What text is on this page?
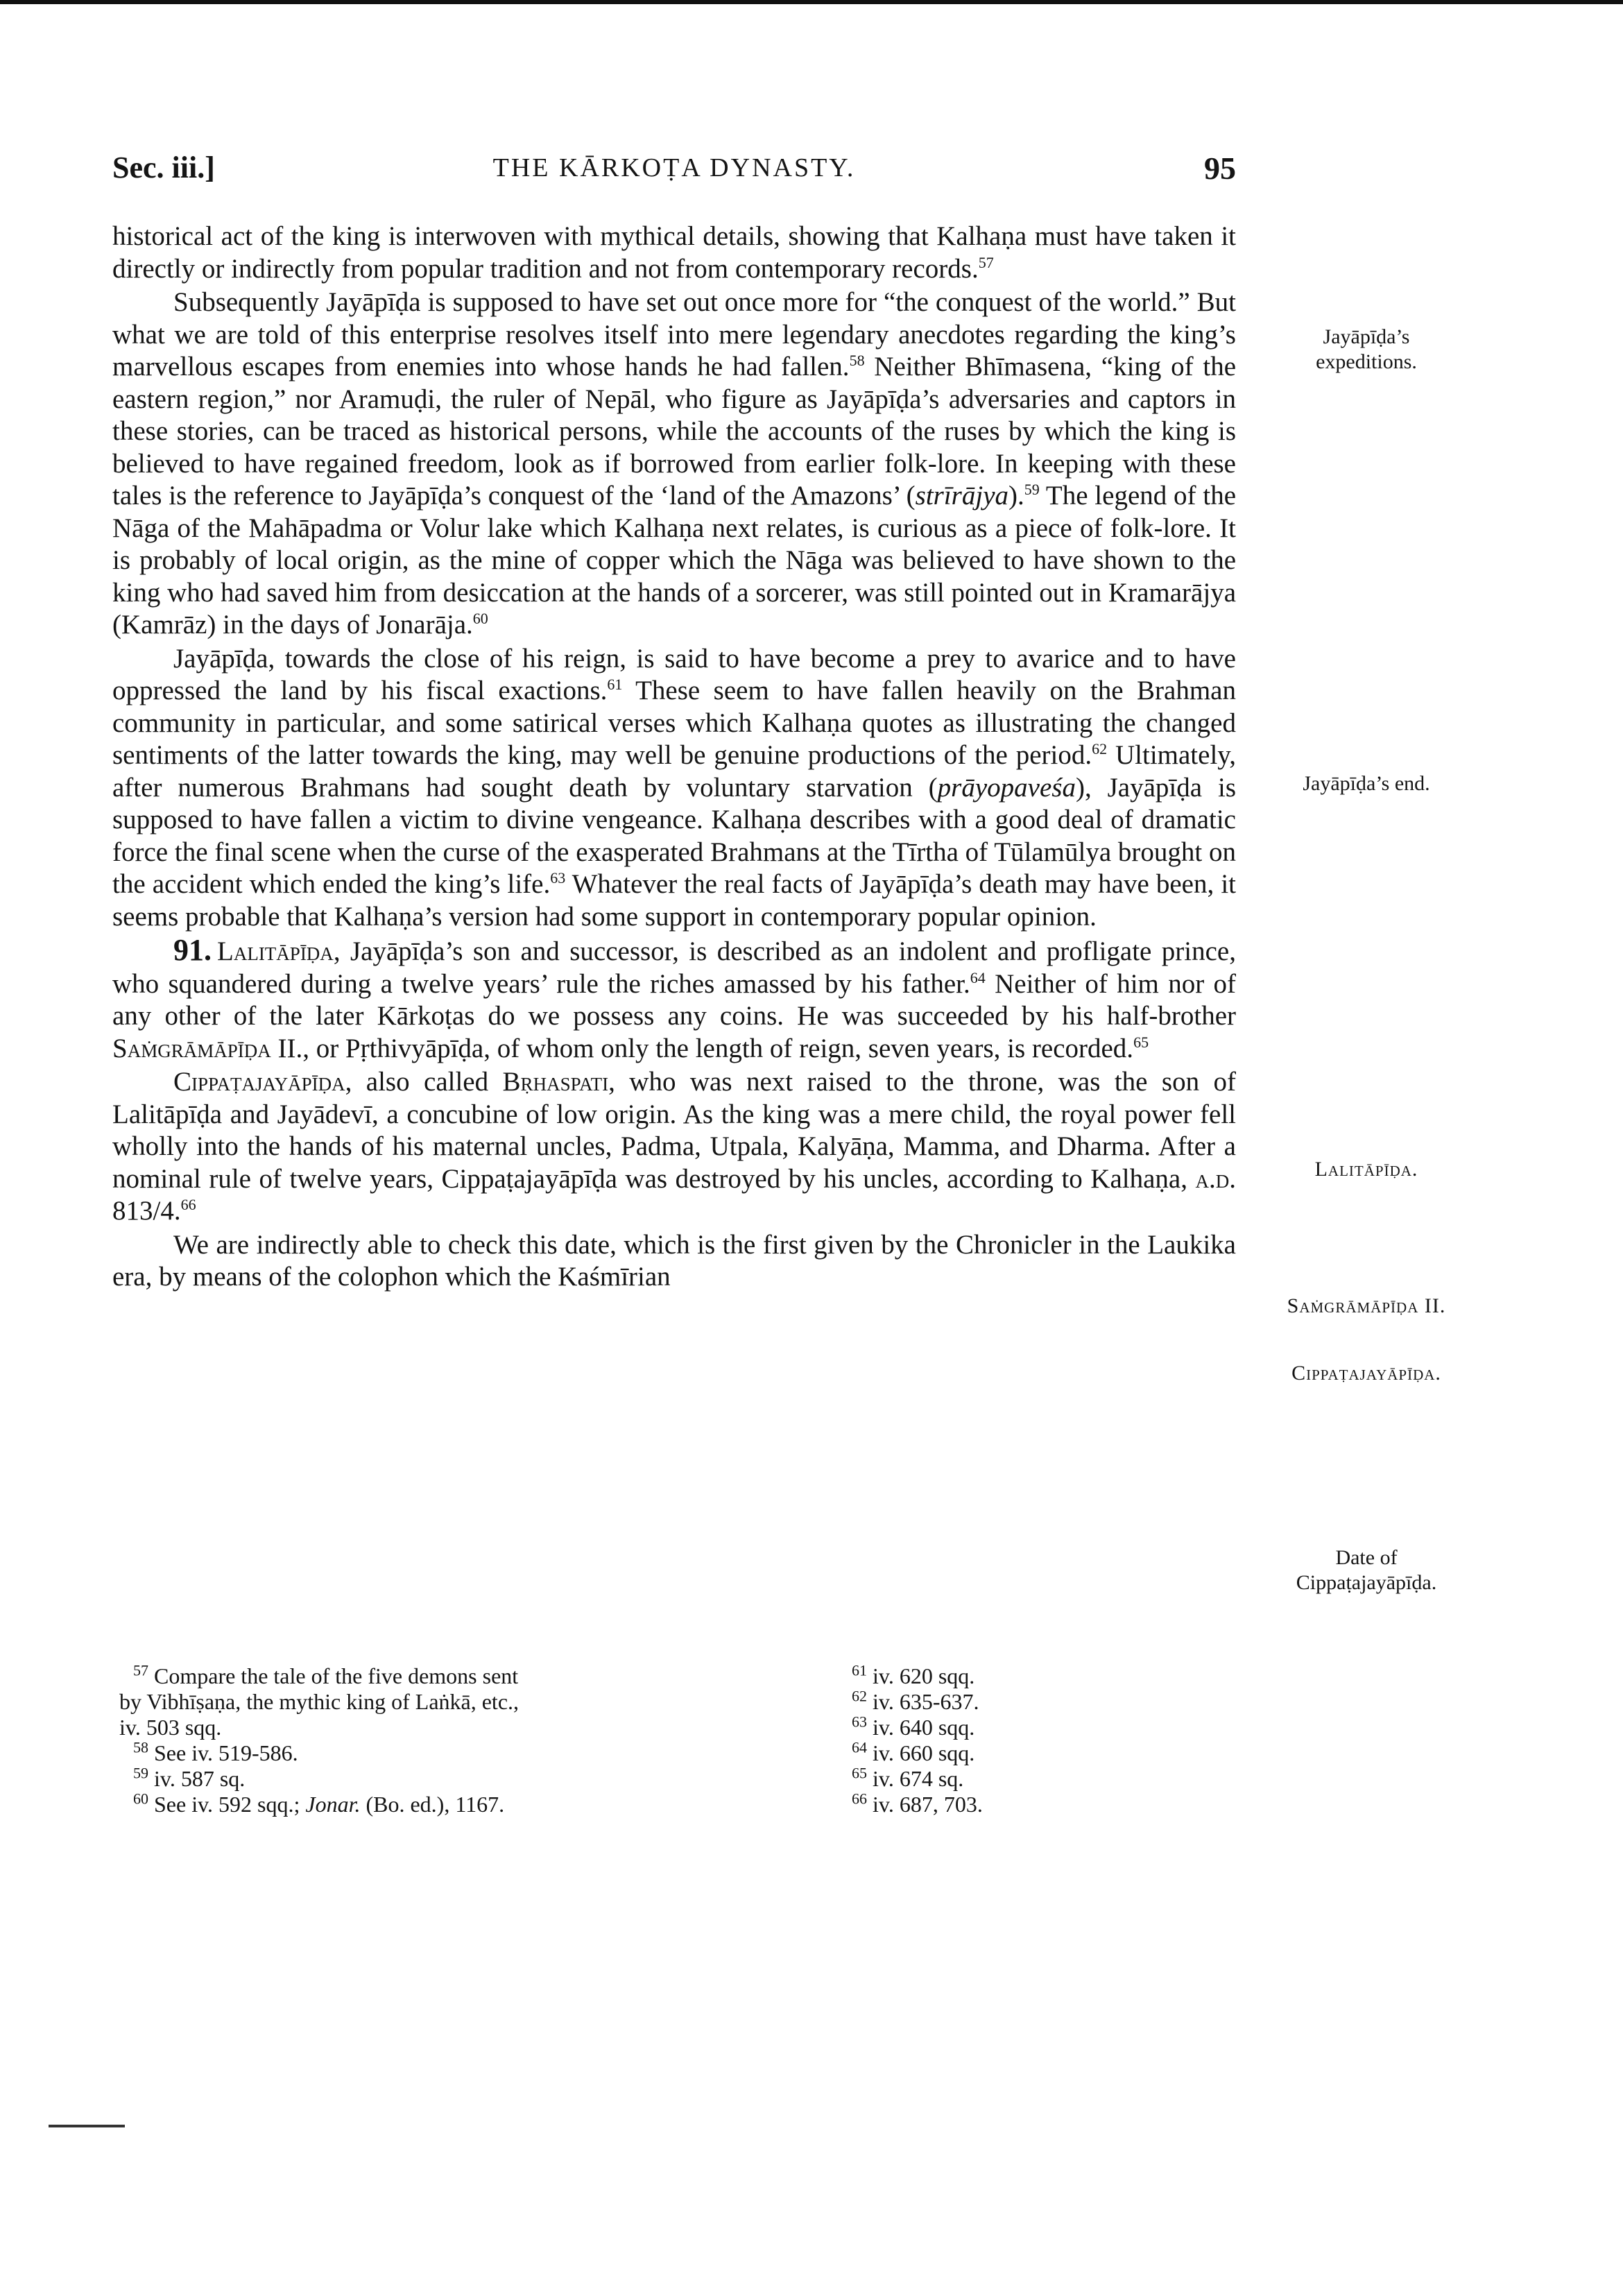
Sec. iii.]	THE KĀRKOṬA DYNASTY.	95

historical act of the king is interwoven with mythical details, showing that Kalhaṇa must have taken it directly or indirectly from popular tradition and not from contemporary records.$^{57}$

Subsequently Jayāpīḍa is supposed to have set out once more for “the conquest of the world.” But what we are told of this enterprise resolves itself into mere legendary anecdotes regarding the king’s marvellous escapes from enemies into whose hands he had fallen.$^{58}$ Neither Bhīmasena, “king of the eastern region,” nor Aramuḍi, the ruler of Nepāl, who figure as Jayāpīḍa’s adversaries and captors in these stories, can be traced as historical persons, while the accounts of the ruses by which the king is believed to have regained freedom, look as if borrowed from earlier folk-lore. In keeping with these tales is the reference to Jayāpīḍa’s conquest of the ‘land of the Amazons’ (strīrājya).$^{59}$ The legend of the Nāga of the Mahāpadma or Volur lake which Kalhaṇa next relates, is curious as a piece of folk-lore. It is probably of local origin, as the mine of copper which the Nāga was believed to have shown to the king who had saved him from desiccation at the hands of a sorcerer, was still pointed out in Kramarājya (Kamrāz) in the days of Jonarāja.$^{60}$

Jayāpīḍa, towards the close of his reign, is said to have become a prey to avarice and to have oppressed the land by his fiscal exactions.$^{61}$ These seem to have fallen heavily on the Brahman community in particular, and some satirical verses which Kalhaṇa quotes as illustrating the changed sentiments of the latter towards the king, may well be genuine productions of the period.$^{62}$ Ultimately, after numerous Brahmans had sought death by voluntary starvation (prāyopaveśa), Jayāpīḍa is supposed to have fallen a victim to divine vengeance. Kalhaṇa describes with a good deal of dramatic force the final scene when the curse of the exasperated Brahmans at the Tīrtha of Tūlamūlya brought on the accident which ended the king’s life.$^{63}$ Whatever the real facts of Jayāpīḍa’s death may have been, it seems probable that Kalhaṇa’s version had some support in contemporary popular opinion.

91. Lalitāpīḍa, Jayāpīḍa’s son and successor, is described as an indolent and profligate prince, who squandered during a twelve years’ rule the riches amassed by his father.$^{64}$ Neither of him nor of any other of the later Kārkoṭas do we possess any coins. He was succeeded by his half-brother Saṁgrāmāpīḍa II., or Pṛthivyāpīḍa, of whom only the length of reign, seven years, is recorded.$^{65}$

Cippaṭajayāpīḍa, also called Bṛhaspati, who was next raised to the throne, was the son of Lalitāpīḍa and Jayādevī, a concubine of low origin. As the king was a mere child, the royal power fell wholly into the hands of his maternal uncles, Padma, Utpala, Kalyāṇa, Mamma, and Dharma. After a nominal rule of twelve years, Cippaṭajayāpīḍa was destroyed by his uncles, according to Kalhaṇa, a.d. 813/4.66

We are indirectly able to check this date, which is the first given by the Chronicler in the Laukika era, by means of the colophon which the Kaśmīrian

Jayāpīḍa’s
expeditions.
Jayāpīḍa’s end.
Lalitāpīḍa.
Saṁgrāmāpīḍa II.
Cippaṭajayāpīḍa.
Date of
Cippaṭajayāpīḍa.
$^{57}$ Compare the tale of the five demons sent
by Vibhīṣaṇa, the mythic king of Laṅkā, etc.,
iv. 503 sqq.
$^{58}$ See iv. 519-586.
$^{59}$ iv. 587 sq.
$^{60}$ See iv. 592 sqq.; Jonar. (Bo. ed.), 1167.
$^{61}$ iv. 620 sqq.
$^{62}$ iv. 635-637.
$^{63}$ iv. 640 sqq.
$^{64}$ iv. 660 sqq.
$^{65}$ iv. 674 sq.
$^{66}$ iv. 687, 703.
